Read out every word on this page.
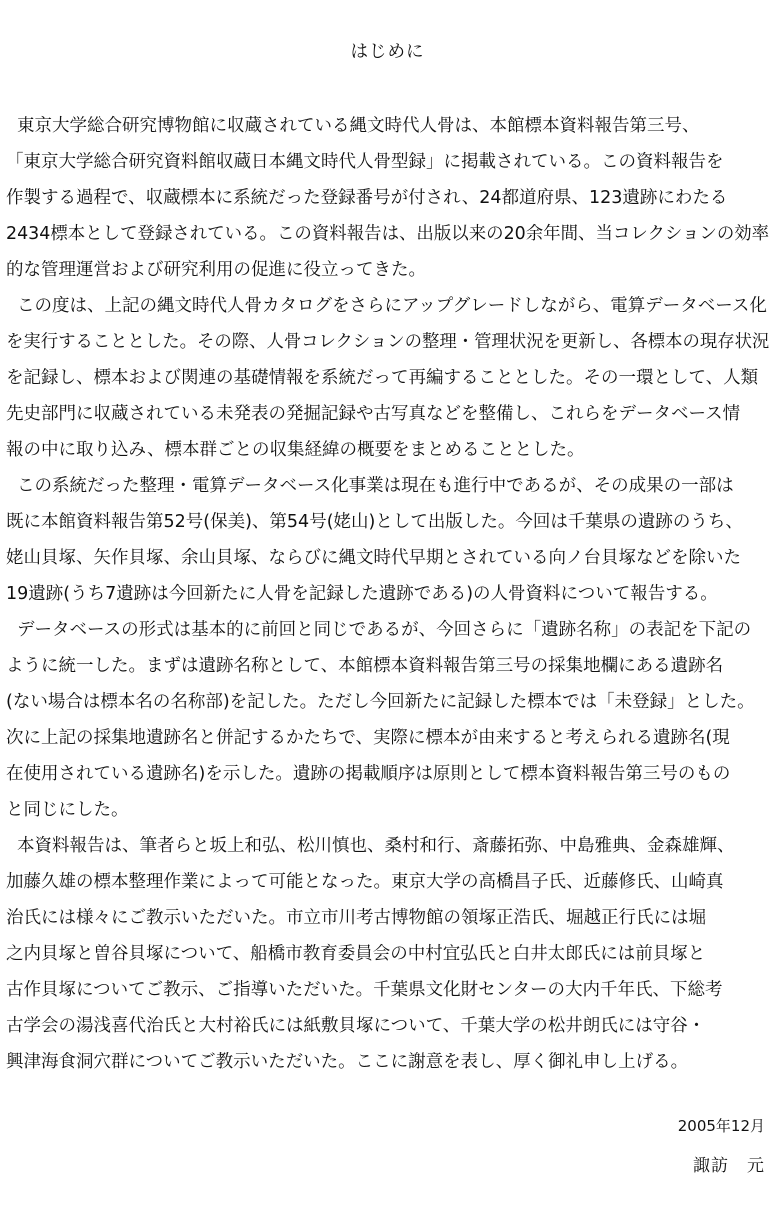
はじめに
東京大学総合研究博物館に収蔵されている縄文時代人骨は、本館標本資料報告第三号、
「東京大学総合研究資料館収蔵日本縄文時代人骨型録」に掲載されている。この資料報告を
作製する過程で、収蔵標本に系統だった登録番号が付され、24都道府県、123遺跡にわたる
2434標本として登録されている。この資料報告は、出版以来の20余年間、当コレクションの効率
的な管理運営および研究利用の促進に役立ってきた。
この度は、上記の縄文時代人骨カタログをさらにアップグレードしながら、電算データベース化
を実行することとした。その際、人骨コレクションの整理・管理状況を更新し、各標本の現存状況
を記録し、標本および関連の基礎情報を系統だって再編することとした。その一環として、人類
先史部門に収蔵されている未発表の発掘記録や古写真などを整備し、これらをデータベース情
報の中に取り込み、標本群ごとの収集経緯の概要をまとめることとした。
この系統だった整理・電算データベース化事業は現在も進行中であるが、その成果の一部は
既に本館資料報告第52号(保美)、第54号(姥山)として出版した。今回は千葉県の遺跡のうち、
姥山貝塚、矢作貝塚、余山貝塚、ならびに縄文時代早期とされている向ノ台貝塚などを除いた
19遺跡(うち7遺跡は今回新たに人骨を記録した遺跡である)の人骨資料について報告する。
データベースの形式は基本的に前回と同じであるが、今回さらに「遺跡名称」の表記を下記の
ように統一した。まずは遺跡名称として、本館標本資料報告第三号の採集地欄にある遺跡名
(ない場合は標本名の名称部)を記した。ただし今回新たに記録した標本では「未登録」とした。
次に上記の採集地遺跡名と併記するかたちで、実際に標本が由来すると考えられる遺跡名(現
在使用されている遺跡名)を示した。遺跡の掲載順序は原則として標本資料報告第三号のもの
と同じにした。
本資料報告は、筆者らと坂上和弘、松川慎也、桑村和行、斎藤拓弥、中島雅典、金森雄輝、
加藤久雄の標本整理作業によって可能となった。東京大学の高橋昌子氏、近藤修氏、山崎真
治氏には様々にご教示いただいた。市立市川考古博物館の領塚正浩氏、堀越正行氏には堀
之内貝塚と曽谷貝塚について、船橋市教育委員会の中村宜弘氏と白井太郎氏には前貝塚と
古作貝塚についてご教示、ご指導いただいた。千葉県文化財センターの大内千年氏、下総考
古学会の湯浅喜代治氏と大村裕氏には紙敷貝塚について、千葉大学の松井朗氏には守谷・
興津海食洞穴群についてご教示いただいた。ここに謝意を表し、厚く御礼申し上げる。
2005年12月
諏訪　元
